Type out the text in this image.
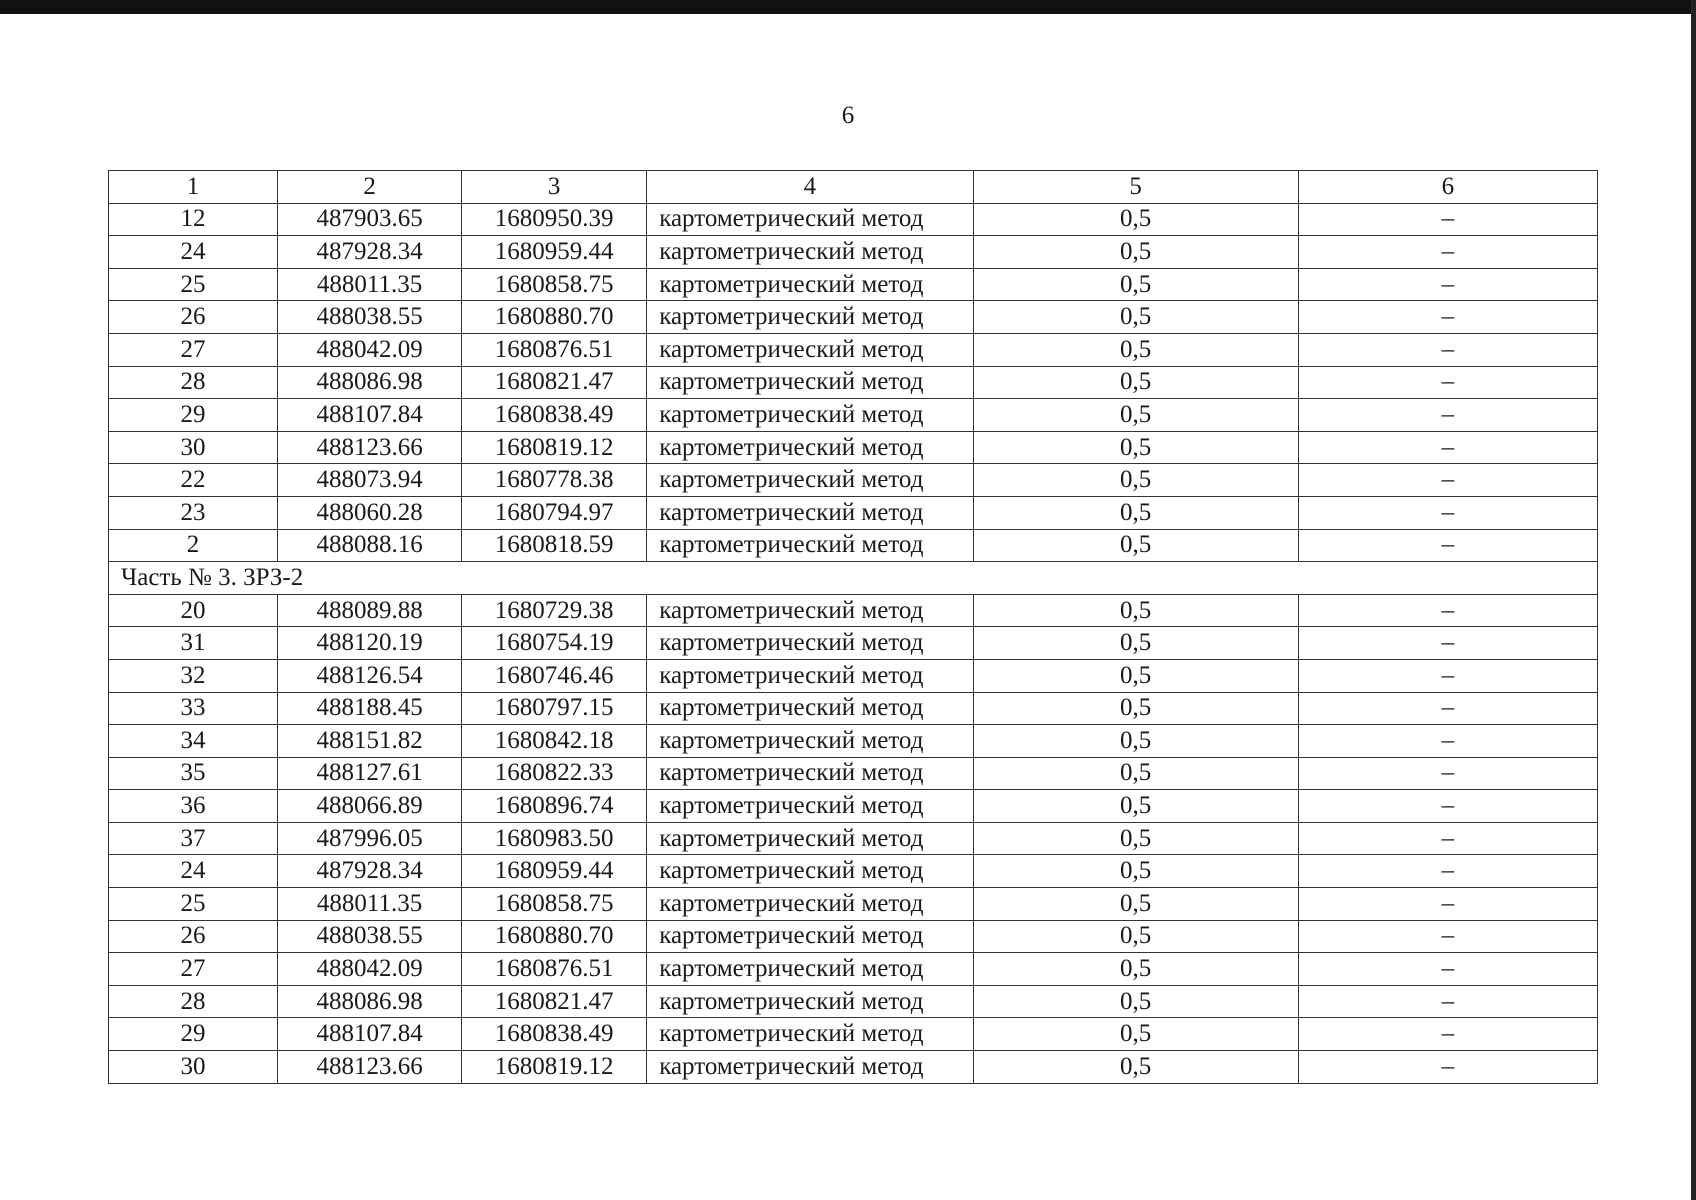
6
1	2	3	4	5	6
12	487903.65	1680950.39	картометрический метод	0,5	–
24	487928.34	1680959.44	картометрический метод	0,5	–
25	488011.35	1680858.75	картометрический метод	0,5	–
26	488038.55	1680880.70	картометрический метод	0,5	–
27	488042.09	1680876.51	картометрический метод	0,5	–
28	488086.98	1680821.47	картометрический метод	0,5	–
29	488107.84	1680838.49	картометрический метод	0,5	–
30	488123.66	1680819.12	картометрический метод	0,5	–
22	488073.94	1680778.38	картометрический метод	0,5	–
23	488060.28	1680794.97	картометрический метод	0,5	–
2	488088.16	1680818.59	картометрический метод	0,5	–
Часть № 3. ЗРЗ-2					
20	488089.88	1680729.38	картометрический метод	0,5	–
31	488120.19	1680754.19	картометрический метод	0,5	–
32	488126.54	1680746.46	картометрический метод	0,5	–
33	488188.45	1680797.15	картометрический метод	0,5	–
34	488151.82	1680842.18	картометрический метод	0,5	–
35	488127.61	1680822.33	картометрический метод	0,5	–
36	488066.89	1680896.74	картометрический метод	0,5	–
37	487996.05	1680983.50	картометрический метод	0,5	–
24	487928.34	1680959.44	картометрический метод	0,5	–
25	488011.35	1680858.75	картометрический метод	0,5	–
26	488038.55	1680880.70	картометрический метод	0,5	–
27	488042.09	1680876.51	картометрический метод	0,5	–
28	488086.98	1680821.47	картометрический метод	0,5	–
29	488107.84	1680838.49	картометрический метод	0,5	–
30	488123.66	1680819.12	картометрический метод	0,5	–
